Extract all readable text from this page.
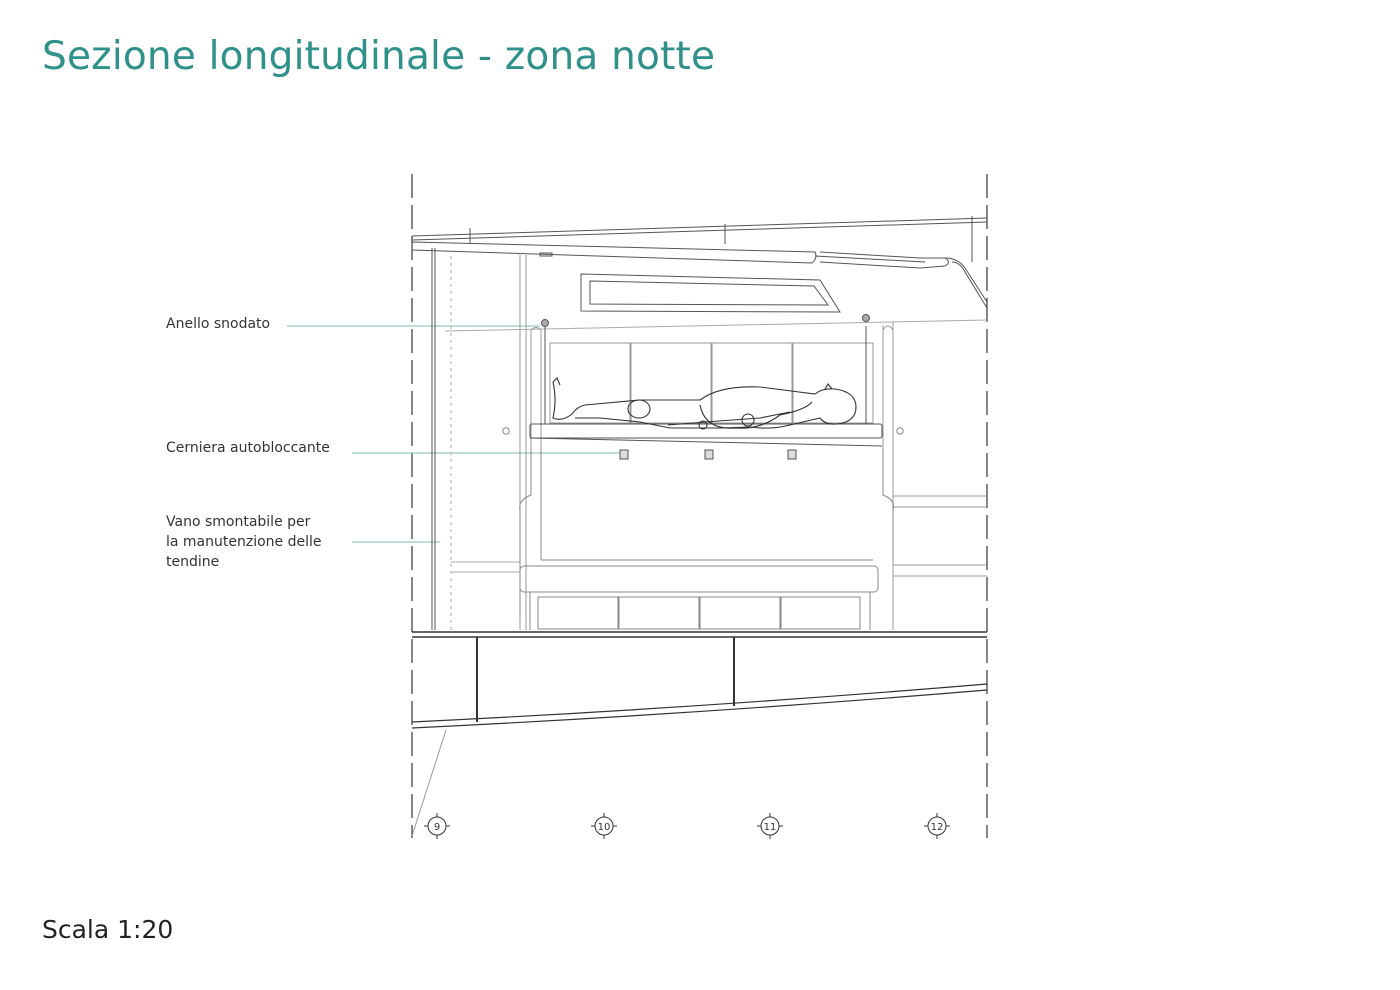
Sezione longitudinale - zona notte
Anello snodato
Cerniera autobloccante
Vano smontabile per
la manutenzione delle
tendine
9	10	11	12
Scala 1:20
